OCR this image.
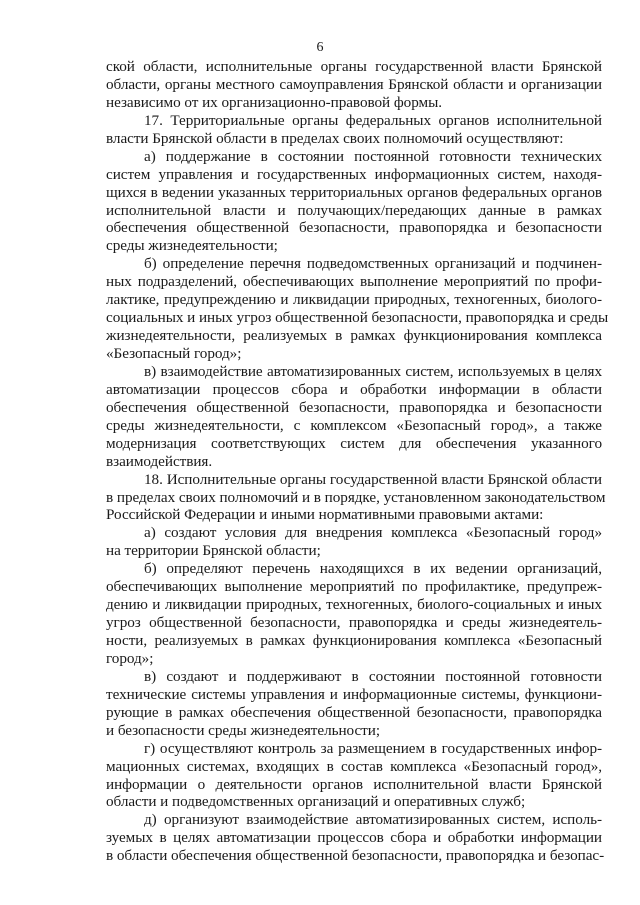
6
ской области, исполнительные органы государственной власти Брянской
области, органы местного самоуправления Брянской области и организации
независимо от их организационно-правовой формы.
17. Территориальные органы федеральных органов исполнительной
власти Брянской области в пределах своих полномочий осуществляют:
а) поддержание в состоянии постоянной готовности технических
систем управления и государственных информационных систем, находя-
щихся в ведении указанных территориальных органов федеральных органов
исполнительной власти и получающих/передающих данные в рамках
обеспечения общественной безопасности, правопорядка и безопасности
среды жизнедеятельности;
б) определение перечня подведомственных организаций и подчинен-
ных подразделений, обеспечивающих выполнение мероприятий по профи-
лактике, предупреждению и ликвидации природных, техногенных, биолого-
социальных и иных угроз общественной безопасности, правопорядка и среды
жизнедеятельности, реализуемых в рамках функционирования комплекса
«Безопасный город»;
в) взаимодействие автоматизированных систем, используемых в целях
автоматизации процессов сбора и обработки информации в области
обеспечения общественной безопасности, правопорядка и безопасности
среды жизнедеятельности, с комплексом «Безопасный город», а также
модернизация соответствующих систем для обеспечения указанного
взаимодействия.
18. Исполнительные органы государственной власти Брянской области
в пределах своих полномочий и в порядке, установленном законодательством
Российской Федерации и иными нормативными правовыми актами:
а) создают условия для внедрения комплекса «Безопасный город»
на территории Брянской области;
б) определяют перечень находящихся в их ведении организаций,
обеспечивающих выполнение мероприятий по профилактике, предупреж-
дению и ликвидации природных, техногенных, биолого-социальных и иных
угроз общественной безопасности, правопорядка и среды жизнедеятель-
ности, реализуемых в рамках функционирования комплекса «Безопасный
город»;
в) создают и поддерживают в состоянии постоянной готовности
технические системы управления и информационные системы, функциони-
рующие в рамках обеспечения общественной безопасности, правопорядка
и безопасности среды жизнедеятельности;
г) осуществляют контроль за размещением в государственных инфор-
мационных системах, входящих в состав комплекса «Безопасный город»,
информации о деятельности органов исполнительной власти Брянской
области и подведомственных организаций и оперативных служб;
д) организуют взаимодействие автоматизированных систем, исполь-
зуемых в целях автоматизации процессов сбора и обработки информации
в области обеспечения общественной безопасности, правопорядка и безопас-
